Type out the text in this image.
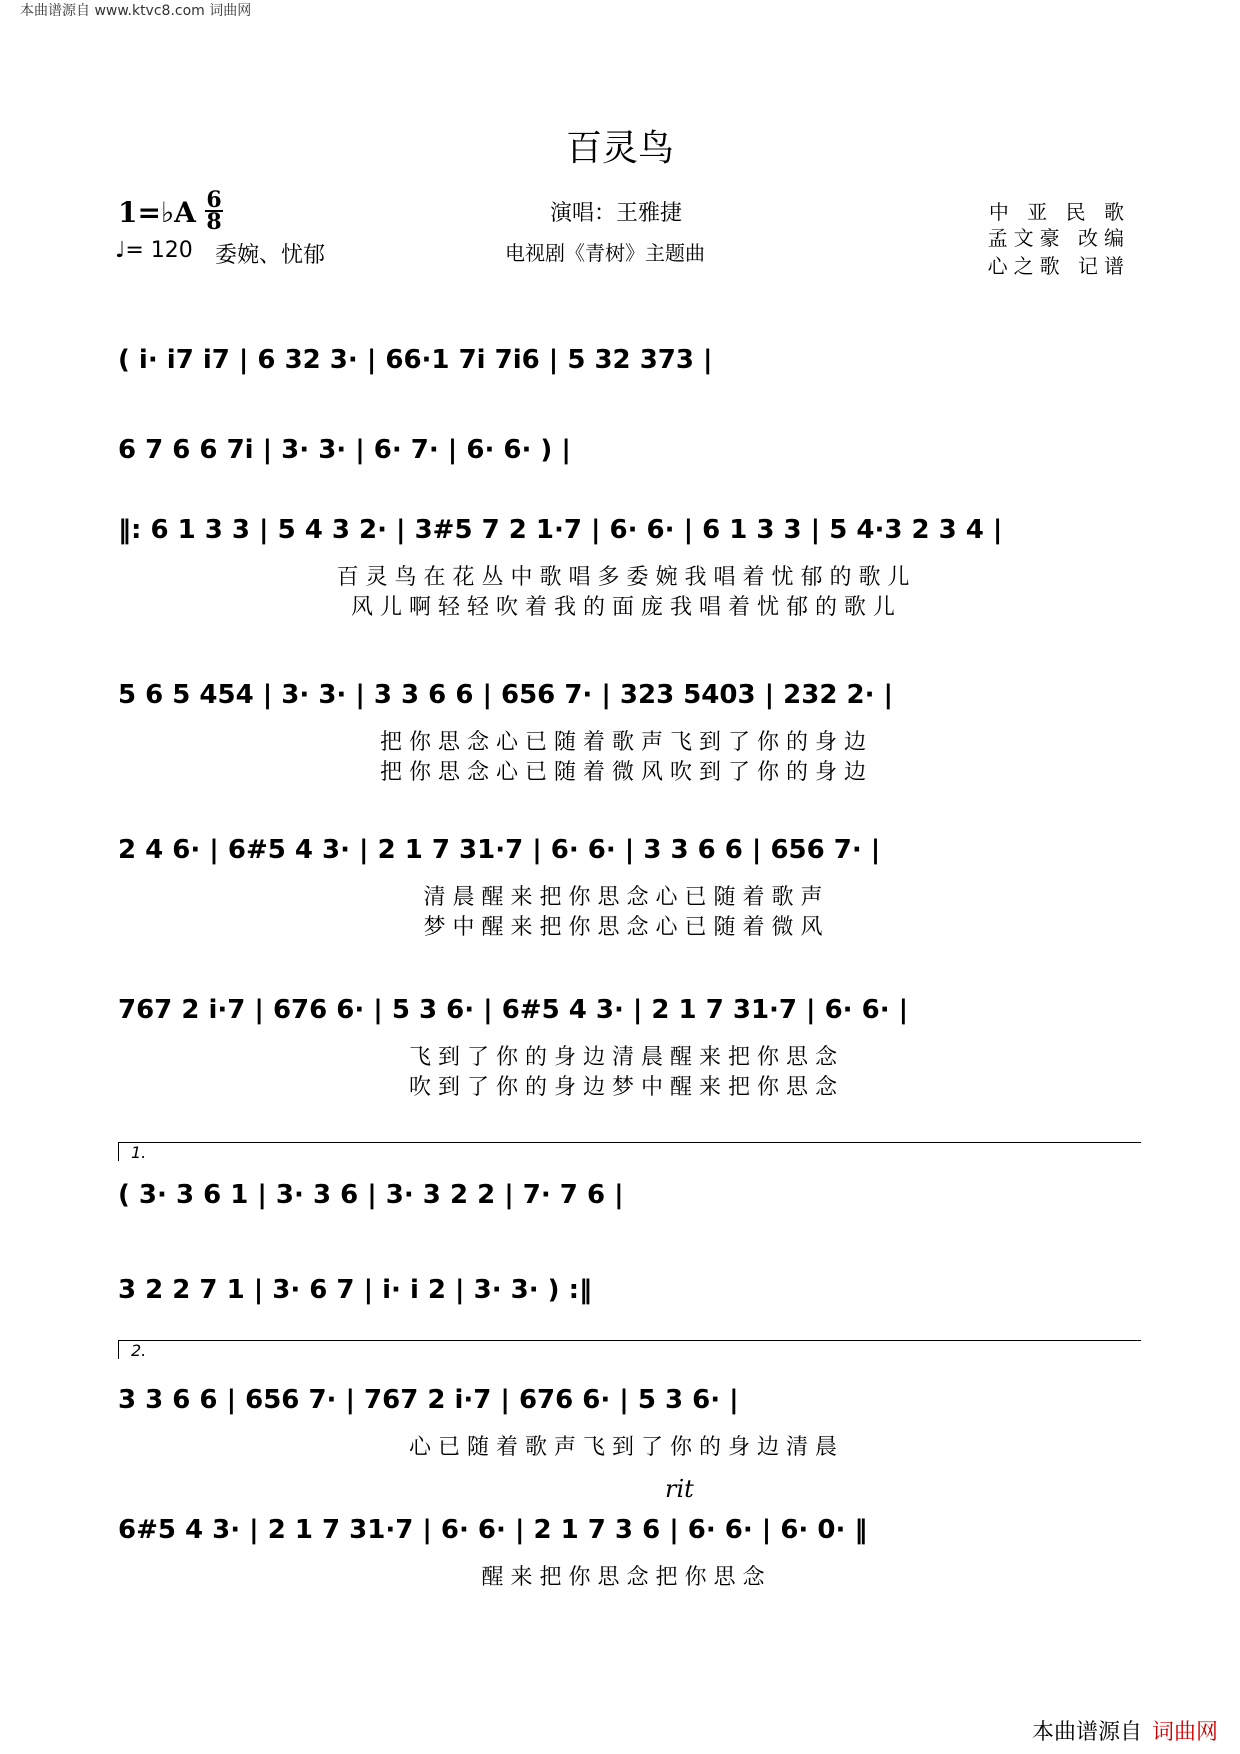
本曲谱源自 www.ktvc8.com 词曲网
百灵鸟
1=♭A 6
8
♩= 120 委婉、忧郁
演唱：王雅捷
电视剧《青树》主题曲
中 亚 民 歌
孟文豪 改编
心之歌 记谱
( i· i7 i7 | 6 32 3· | 66·1 7i 7i6 | 5 32 373 |
6 7 6 6 7i | 3· 3· | 6· 7· | 6· 6· ) |
‖: 6 1 3 3 | 5 4 3 2· | 3#5 7 2 1·7 | 6· 6· | 6 1 3 3 | 5 4·3 2 3 4 |
百 灵 鸟 在 花 丛 中 歌 唱 多 委 婉 我 唱 着 忧 郁 的 歌 儿
风 儿 啊 轻 轻 吹 着 我 的 面 庞 我 唱 着 忧 郁 的 歌 儿
5 6 5 454 | 3· 3· | 3 3 6 6 | 656 7· | 323 5403 | 232 2· |
把 你 思 念 心 已 随 着 歌 声 飞 到 了 你 的 身 边
把 你 思 念 心 已 随 着 微 风 吹 到 了 你 的 身 边
2 4 6· | 6#5 4 3· | 2 1 7 31·7 | 6· 6· | 3 3 6 6 | 656 7· |
清 晨 醒 来 把 你 思 念 心 已 随 着 歌 声
梦 中 醒 来 把 你 思 念 心 已 随 着 微 风
767 2 i·7 | 676 6· | 5 3 6· | 6#5 4 3· | 2 1 7 31·7 | 6· 6· |
飞 到 了 你 的 身 边 清 晨 醒 来 把 你 思 念
吹 到 了 你 的 身 边 梦 中 醒 来 把 你 思 念
1.
( 3· 3 6 1 | 3· 3 6 | 3· 3 2 2 | 7· 7 6 |
3 2 2 7 1 | 3· 6 7 | i· i 2 | 3· 3· ) :‖
2.
3 3 6 6 | 656 7· | 767 2 i·7 | 676 6· | 5 3 6· |
心 已 随 着 歌 声 飞 到 了 你 的 身 边 清 晨
rit
6#5 4 3· | 2 1 7 31·7 | 6· 6· | 2 1 7 3 6 | 6· 6· | 6· 0· ‖
醒 来 把 你 思 念 把 你 思 念
本曲谱源自 词曲网
